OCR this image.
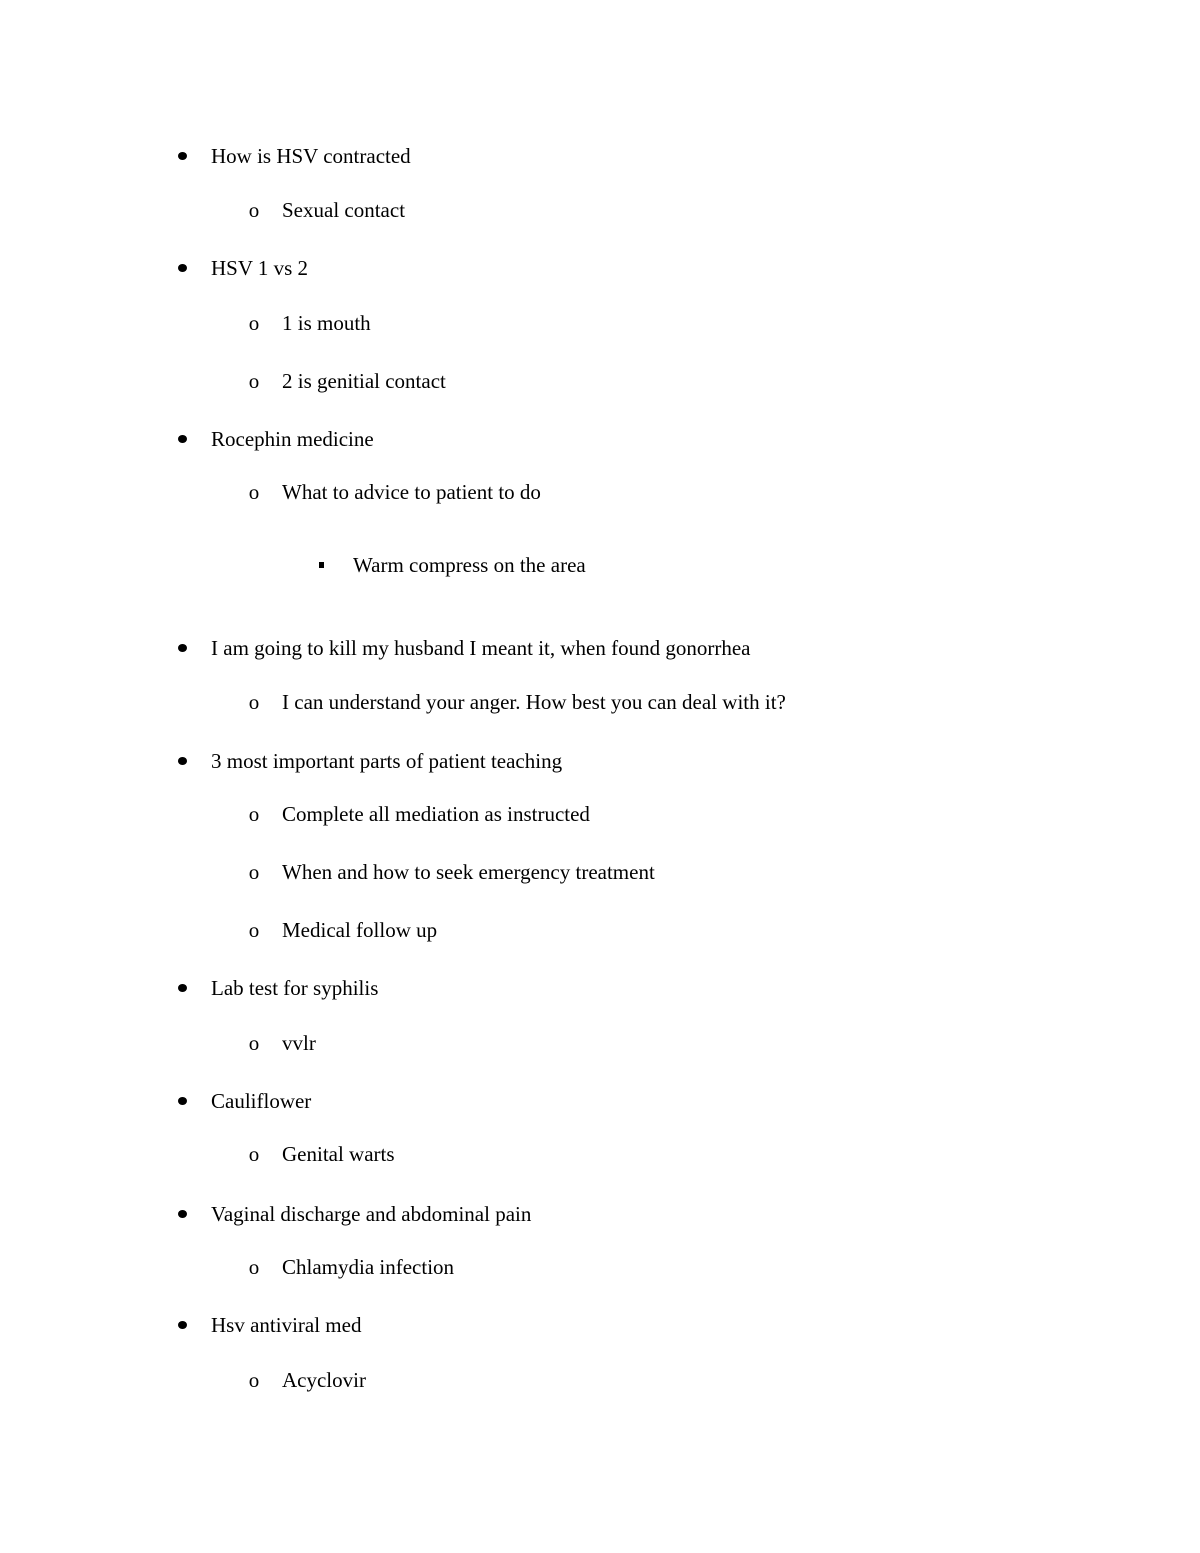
How is HSV contracted
o Sexual contact
HSV 1 vs 2
o 1 is mouth
o 2 is genitial contact
Rocephin medicine
o What to advice to patient to do
Warm compress on the area
I am going to kill my husband I meant it, when found gonorrhea
o I can understand your anger. How best you can deal with it?
3 most important parts of patient teaching
o Complete all mediation as instructed
o When and how to seek emergency treatment
o Medical follow up
Lab test for syphilis
o vvlr
Cauliflower
o Genital warts
Vaginal discharge and abdominal pain
o Chlamydia infection
Hsv antiviral med
o Acyclovir
